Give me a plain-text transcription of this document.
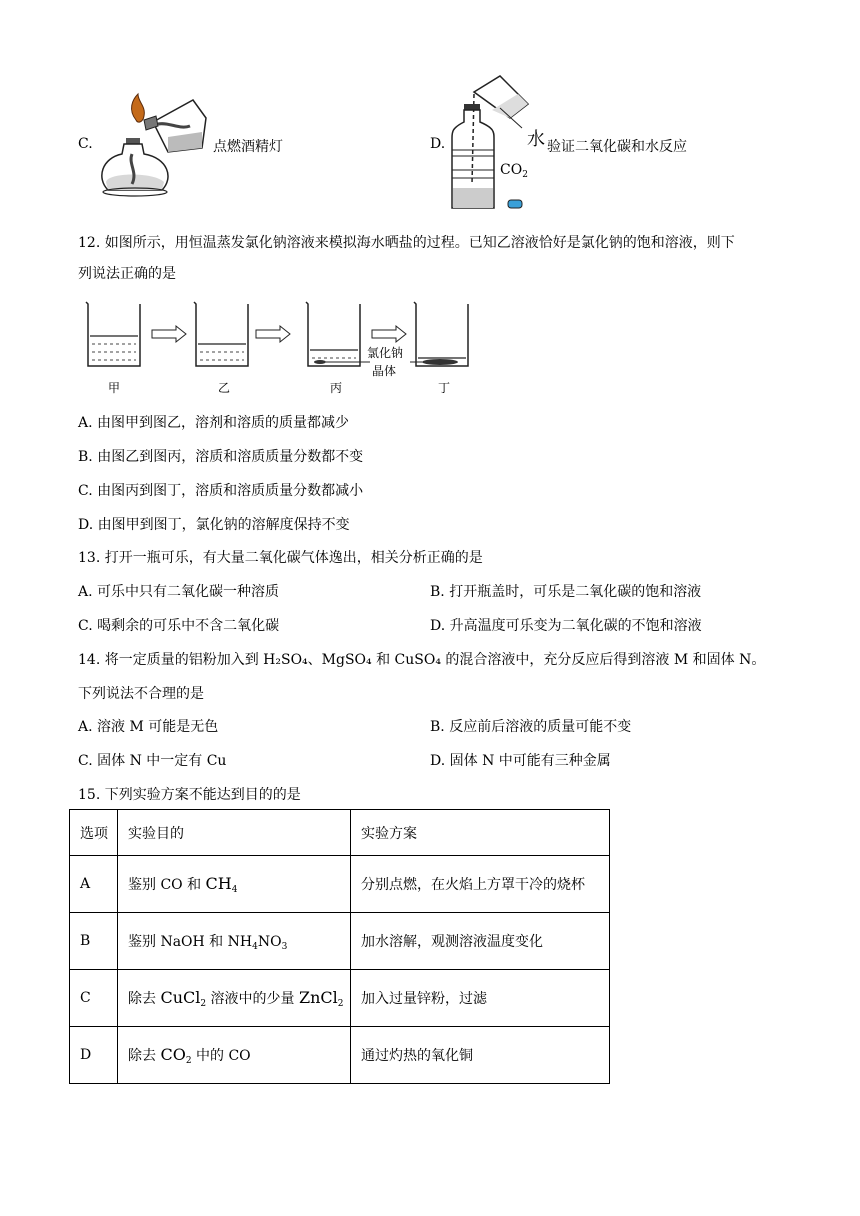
C.	点燃酒精灯	D.	水 验证二氧化碳和水反应
$CO_2$
12. 如图所示，用恒温蒸发氯化钠溶液来模拟海水晒盐的过程。已知乙溶液恰好是氯化钠的饱和溶液，则下
列说法正确的是
氯化钠
晶体
甲	乙	丙	丁
A. 由图甲到图乙，溶剂和溶质的质量都减少
B. 由图乙到图丙，溶质和溶质质量分数都不变
C. 由图丙到图丁，溶质和溶质质量分数都减小
D. 由图甲到图丁，氯化钠的溶解度保持不变
13. 打开一瓶可乐，有大量二氧化碳气体逸出，相关分析正确的是
A. 可乐中只有二氧化碳一种溶质	B. 打开瓶盖时，可乐是二氧化碳的饱和溶液
C. 喝剩余的可乐中不含二氧化碳	D. 升高温度可乐变为二氧化碳的不饱和溶液
14. 将一定质量的铝粉加入到 H₂SO₄、MgSO₄ 和 CuSO₄ 的混合溶液中，充分反应后得到溶液 M 和固体 N。
下列说法不合理的是
A. 溶液 M 可能是无色	B. 反应前后溶液的质量可能不变
C. 固体 N 中一定有 Cu	D. 固体 N 中可能有三种金属
15. 下列实验方案不能达到目的的是
选项	实验目的	实验方案
A	鉴别 CO 和 $CH_4$	分别点燃，在火焰上方罩干冷的烧杯
B	鉴别 NaOH 和 $NH_4NO_3$	加水溶解，观测溶液温度变化
C	除去 CuCl$_2$ 溶液中的少量 ZnCl$_2$	加入过量锌粉，过滤
D	除去 $CO_2$ 中的 CO	通过灼热的氧化铜
